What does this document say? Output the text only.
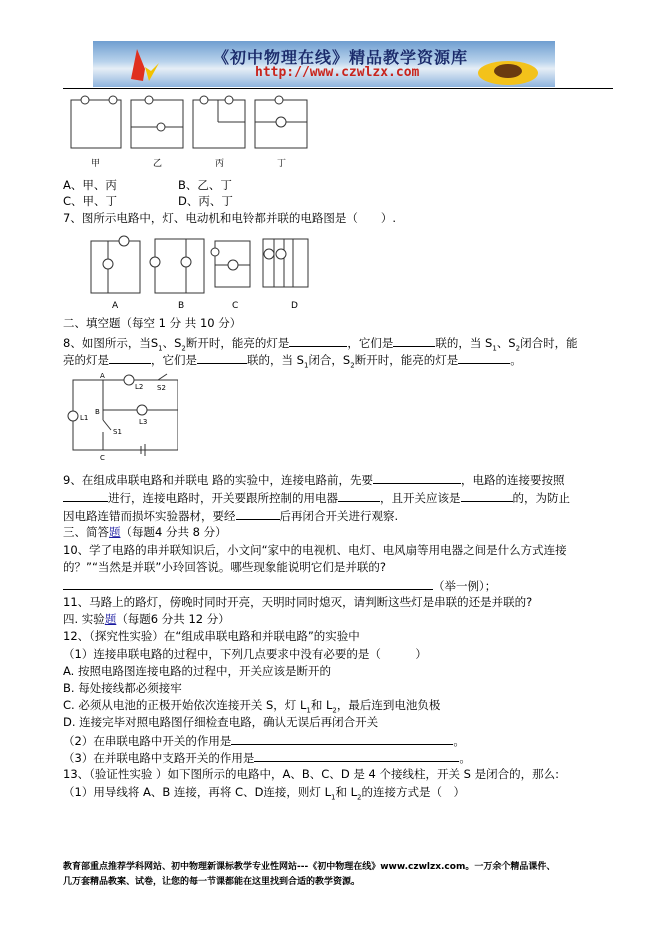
《初中物理在线》精品教学资源库
http://www.czwlzx.com
甲	乙	丙	丁
A、甲、丙	B、乙、丁
C、甲、丁	D、丙、丁
7、图所示电路中，灯、电动机和电铃都并联的电路图是（　　）.
A	B	C	D
二、填空题（每空 1 分 共 10 分）
8、如图所示，当$S_1$、$S_2$断开时，能亮的灯是	，它们是	联的，当 $S_1$、$S_2$闭合时，能
亮的灯是	，它们是	联的，当 $S_1$闭合，$S_2$断开时，能亮的灯是	。
A
B
C
L1
L2
L3
S1
S2
9、在组成串联电路和并联电 路的实验中，连接电路前，先要	，电路的连接要按照
进行，连接电路时，开关要跟所控制的用电器	，且开关应该是	的，为防止
因电路连错而损坏实验器材，要经	后再闭合开关进行观察.
三、简答题（每题4 分共 8 分）
10、学了电路的串并联知识后，小文问“家中的电视机、电灯、电风扇等用电器之间是什么方式连接
的？”“当然是并联”小玲回答说。哪些现象能说明它们是并联的?
（举一例）；
11、马路上的路灯，傍晚时同时开亮，天明时同时熄灭，请判断这些灯是串联的还是并联的?
四. 实验题（每题6 分共 12 分）
12、（探究性实验）在“组成串联电路和并联电路”的实验中
（1）连接串联电路的过程中，下列几点要求中没有必要的是（　　　）
A. 按照电路图连接电路的过程中，开关应该是断开的
B. 每处接线都必须接牢
C. 必须从电池的正极开始依次连接开关 S，灯 $L_1$和 $L_2$，最后连到电池负极
D. 连接完毕对照电路图仔细检查电路，确认无误后再闭合开关
（2）在串联电路中开关的作用是	。
（3）在并联电路中支路开关的作用是	。
13、（验证性实验 ）如下图所示的电路中，A、B、C、D 是 4 个接线柱，开关 S 是闭合的，那么:
（1）用导线将 A、B 连接，再将 C、D连接，则灯 $L_1$和 $L_2$的连接方式是（　）
教育部重点推荐学科网站、初中物理新课标教学专业性网站---《初中物理在线》www.czwlzx.com。一万余个精品课件、
几万套精品教案、试卷，让您的每一节课都能在这里找到合适的教学资源。
